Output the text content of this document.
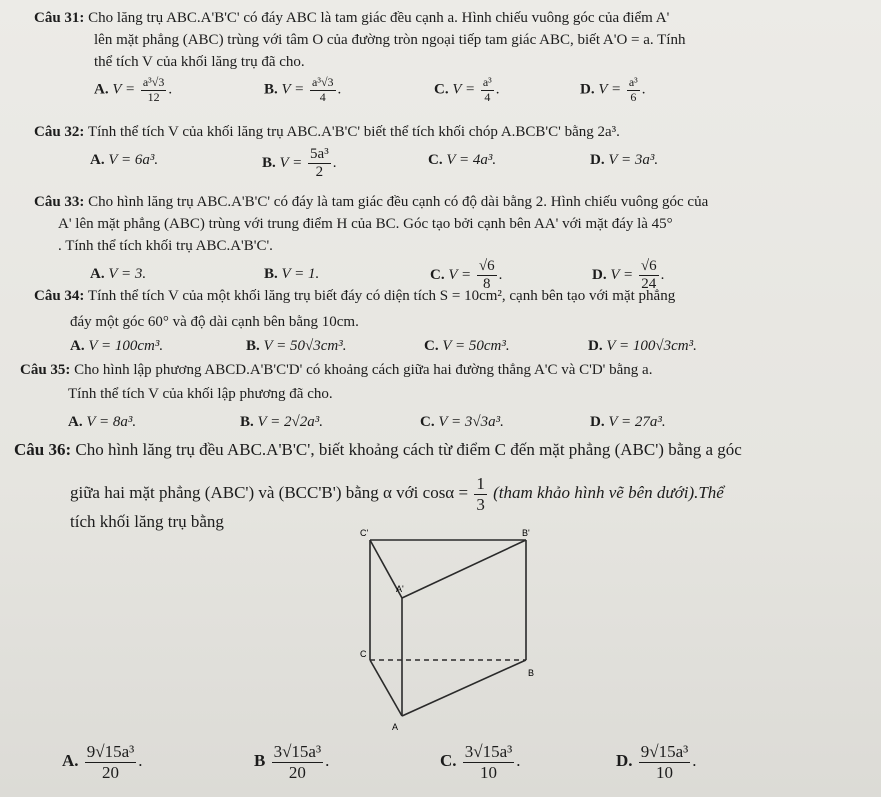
Câu 31: Cho lăng trụ ABC.A'B'C' có đáy ABC là tam giác đều cạnh a. Hình chiếu vuông góc của điểm A'
lên mặt phẳng (ABC) trùng với tâm O của đường tròn ngoại tiếp tam giác ABC, biết A'O = a. Tính
thể tích V của khối lăng trụ đã cho.
A. $V = \frac{\text{a³√3}}{12}$ .	B. $V = \frac{\text{a³√3}}{4}$ .	C. $V = \frac{\text{a³}}{4}$ .	D. $V = \frac{\text{a³}}{6}$ .
Câu 32: Tính thể tích V của khối lăng trụ ABC.A'B'C' biết thể tích khối chóp A.BCB'C' bằng 2a³.
A. V = 6a³.	B. $V = \frac{\text{5a³}}{2}$ .	C. V = 4a³.	D. V = 3a³.
Câu 33: Cho hình lăng trụ ABC.A'B'C' có đáy là tam giác đều cạnh có độ dài bằng 2. Hình chiếu vuông góc của
A' lên mặt phẳng (ABC) trùng với trung điểm H của BC. Góc tạo bởi cạnh bên AA' với mặt đáy là 45°
. Tính thể tích khối trụ ABC.A'B'C'.
A. V = 3.	B. V = 1.	C. $V = \frac{√6}{8}$ .	D. $V = \frac{√6}{24}$ .
Câu 34: Tính thể tích V của một khối lăng trụ biết đáy có diện tích S = 10cm², cạnh bên tạo với mặt phẳng
đáy một góc 60° và độ dài cạnh bên bằng 10cm.
A. V = 100cm³.	B. V = 50√3cm³.	C. V = 50cm³.	D. V = 100√3cm³.
Câu 35: Cho hình lập phương ABCD.A'B'C'D' có khoảng cách giữa hai đường thẳng A'C và C'D' bằng a.
Tính thể tích V của khối lập phương đã cho.
A. V = 8a³.	B. V = 2√2a³.	C. V = 3√3a³.	D. V = 27a³.
Câu 36: Cho hình lăng trụ đều ABC.A'B'C', biết khoảng cách từ điểm C đến mặt phẳng (ABC') bằng a góc
giữa hai mặt phẳng (ABC') và (BCC'B') bằng α với $\cos\alpha = \frac{1}{3}$ (tham khảo hình vẽ bên dưới).Thể
tích khối lăng trụ bằng
C'	B'
A'
C
B
A
A. $\frac{\text{9√15a³}}{20}$ .	B $\frac{\text{3√15a³}}{20}$ .	C. $\frac{\text{3√15a³}}{10}$ .	D. $\frac{\text{9√15a³}}{10}$ .
